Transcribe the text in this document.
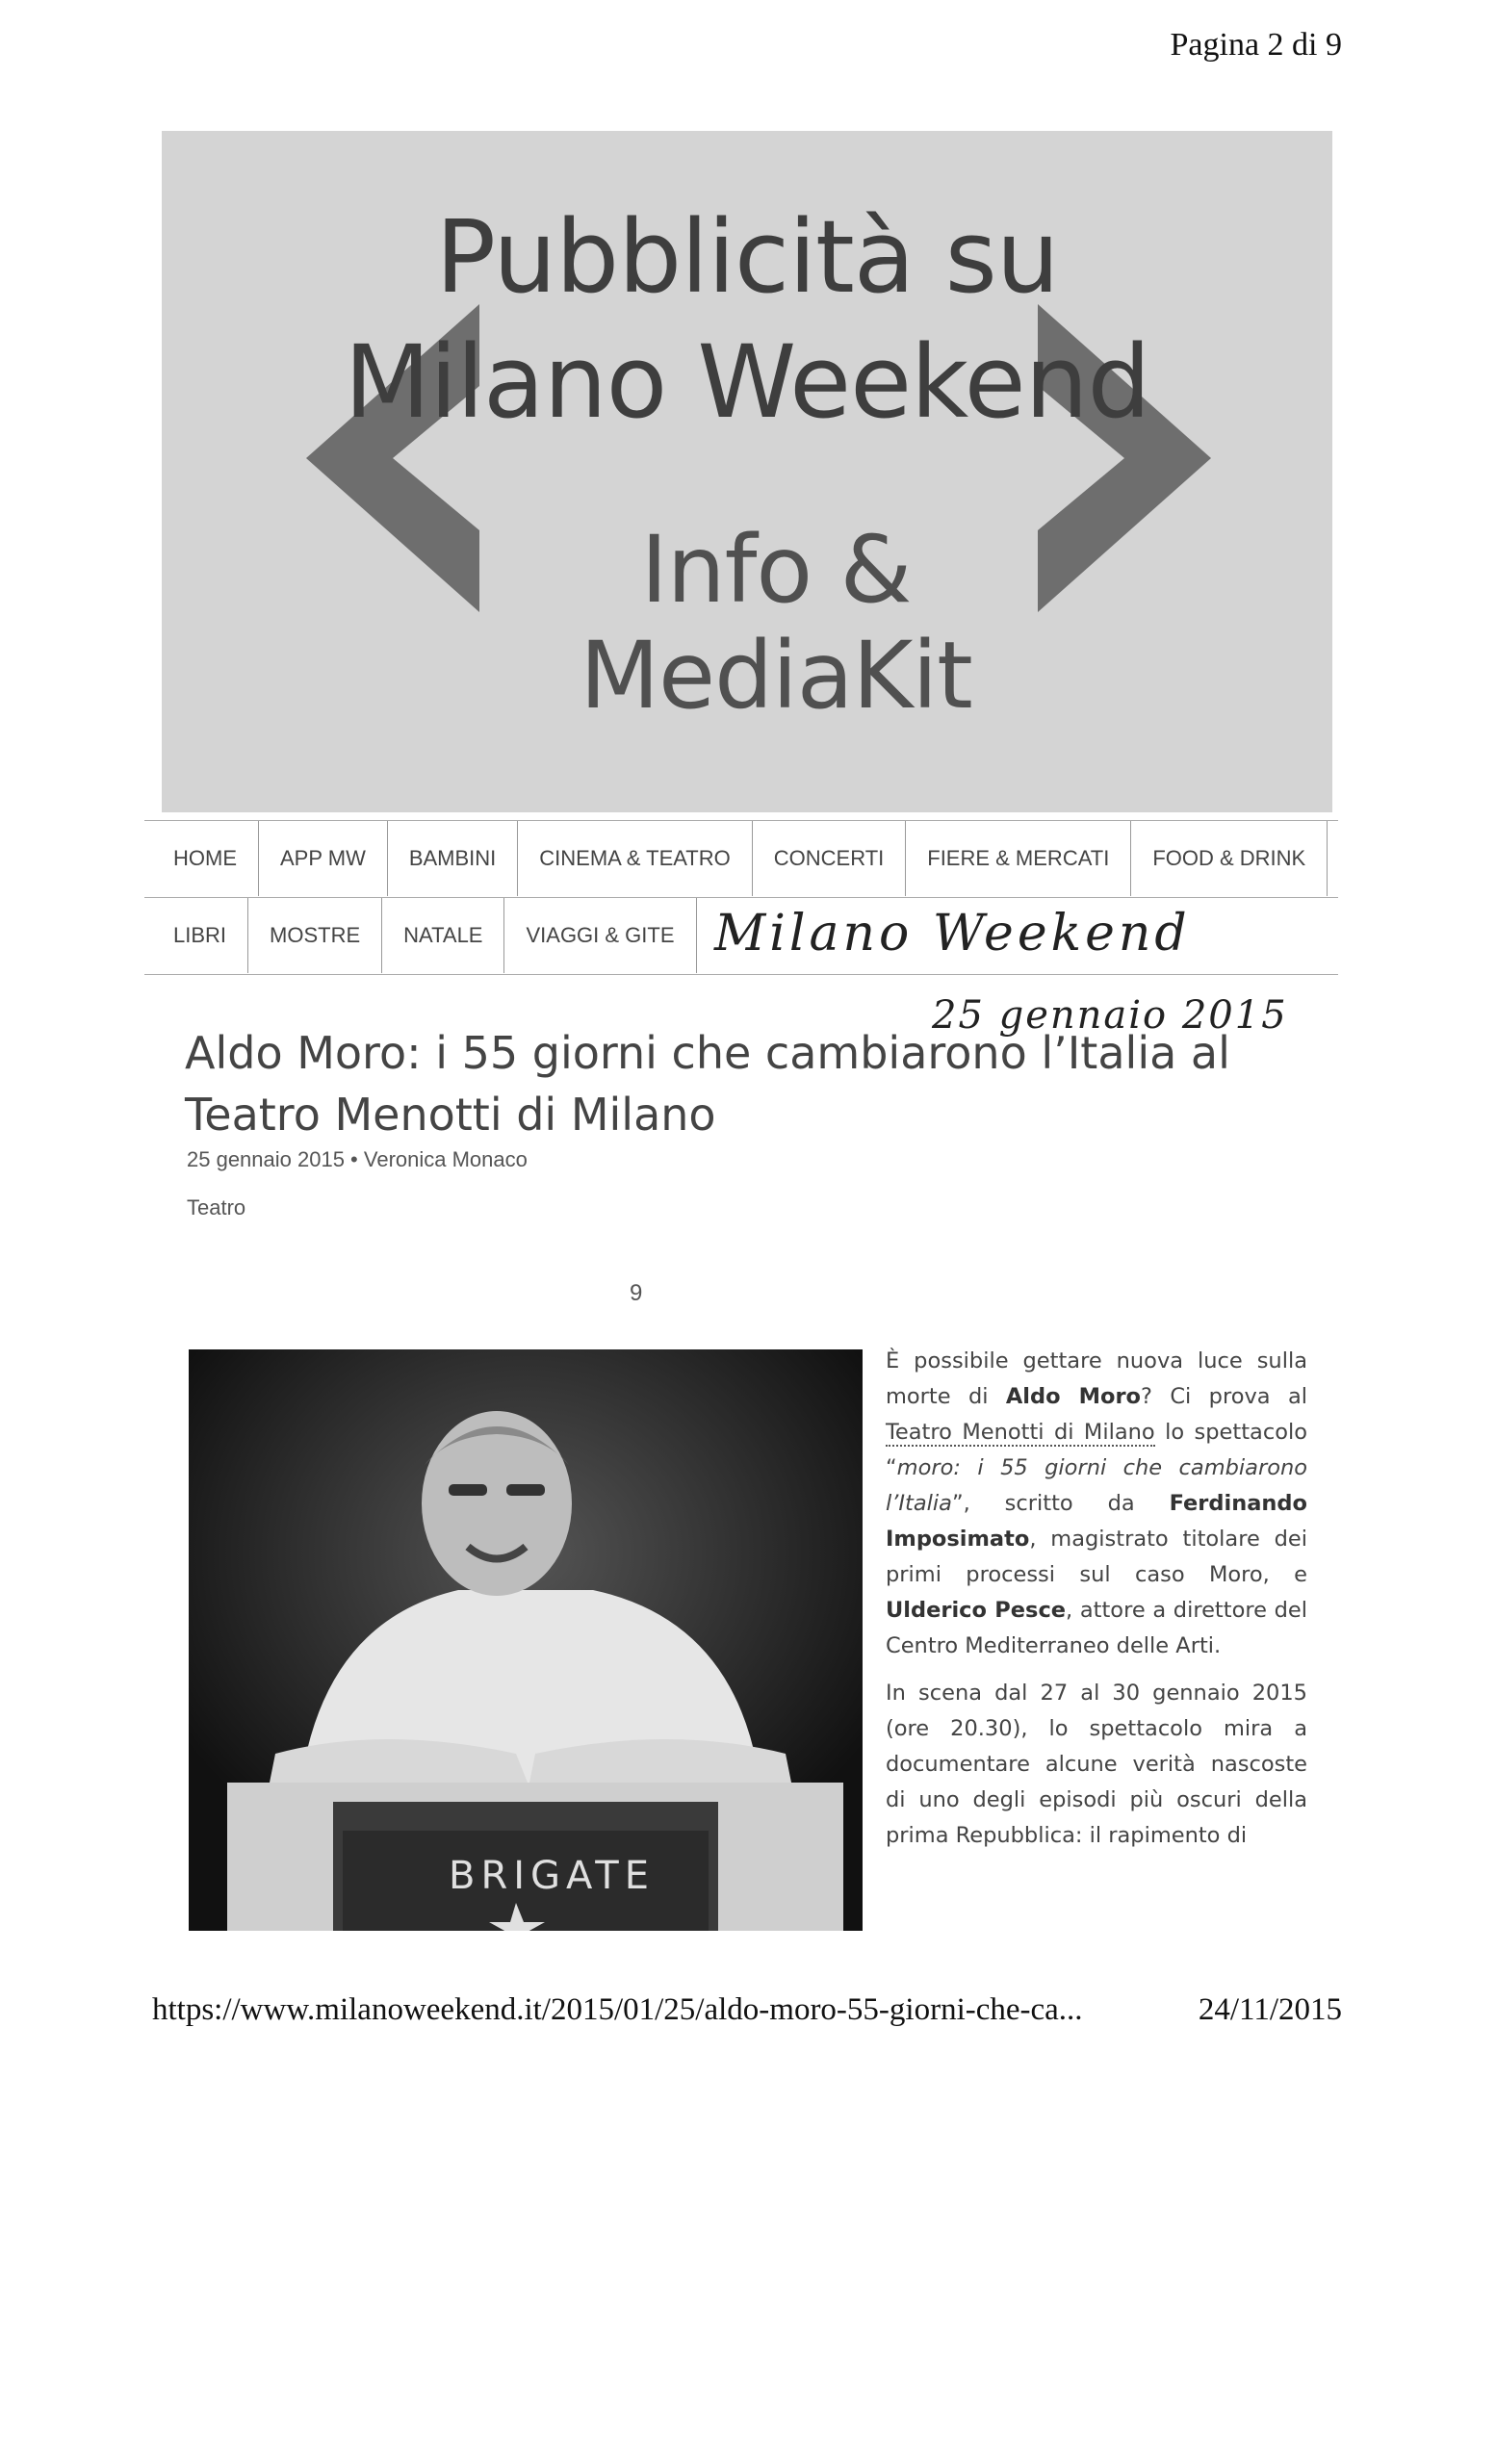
Pagina 2 di 9
Pubblicità su
Milano Weekend
Info &
MediaKit
HOME	APP MW	BAMBINI	CINEMA & TEATRO	CONCERTI	FIERE & MERCATI	FOOD & DRINK
LIBRI	MOSTRE	NATALE	VIAGGI & GITE Milano Weekend
25 gennaio 2015
Aldo Moro: i 55 giorni che cambiarono l’Italia al Teatro Menotti di Milano
25 gennaio 2015 • Veronica Monaco
Teatro
9
BRIGATE

È possibile gettare nuova luce sulla morte di Aldo Moro? Ci prova al Teatro Menotti di Milano lo spettacolo “moro: i 55 giorni che cambiarono l’Italia”, scritto da Ferdinando Imposimato, magistrato titolare dei primi processi sul caso Moro, e Ulderico Pesce, attore a direttore del Centro Mediterraneo delle Arti.

In scena dal 27 al 30 gennaio 2015 (ore 20.30), lo spettacolo mira a documentare alcune verità nascoste di uno degli episodi più oscuri della prima Repubblica: il rapimento di

https://www.milanoweekend.it/2015/01/25/aldo-moro-55-giorni-che-ca...	24/11/2015
